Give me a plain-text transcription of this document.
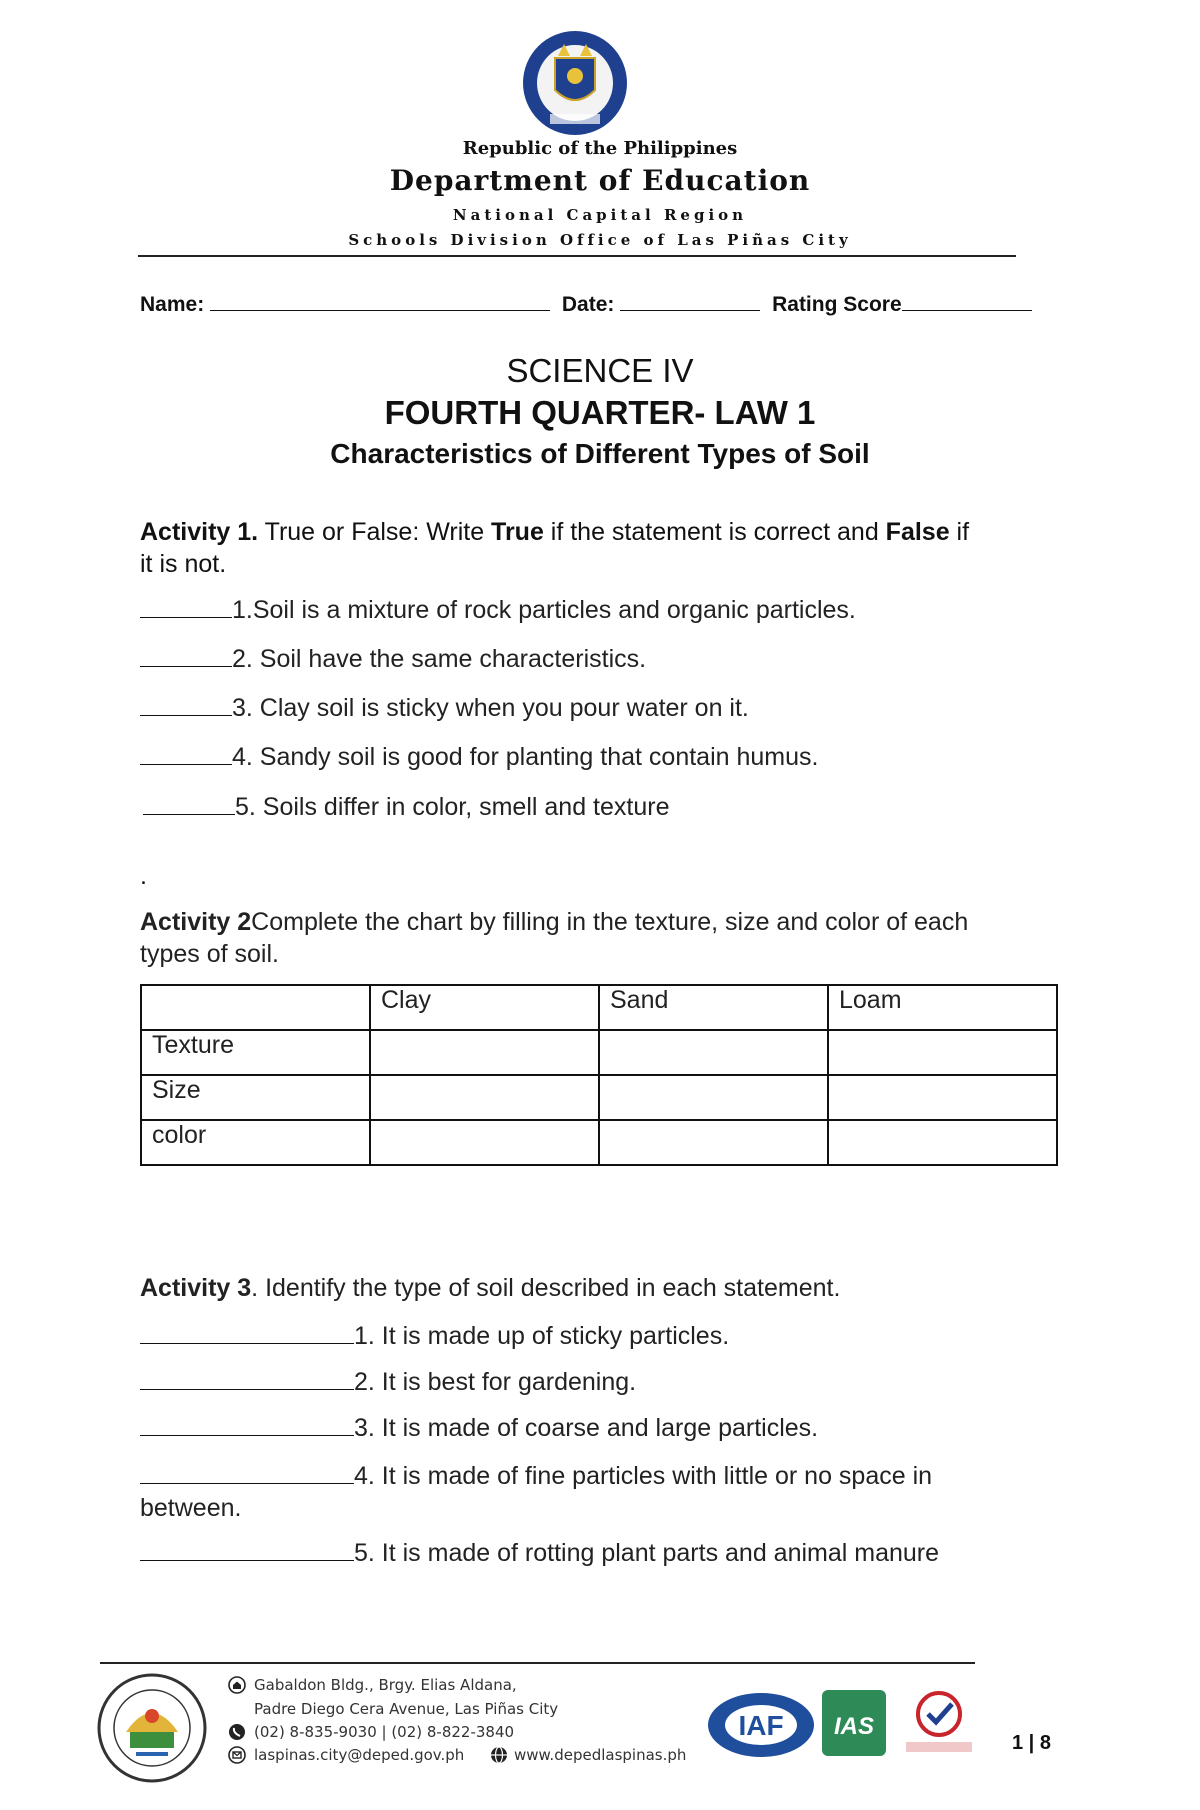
Republic of the Philippines
Department of Education
National Capital Region
Schools Division Office of Las Piñas City
Name:	Date:	Rating Score
SCIENCE IV
FOURTH QUARTER- LAW 1
Characteristics of Different Types of Soil
Activity 1. True or False: Write True if the statement is correct and False if
it is not.
1.Soil is a mixture of rock particles and organic particles.
2. Soil have the same characteristics.
3. Clay soil is sticky when you pour water on it.
4. Sandy soil is good for planting that contain humus.
5. Soils differ in color, smell and texture
.
Activity 2Complete the chart by filling in the texture, size and color of each
types of soil.
	Clay	Sand	Loam
Texture			
Size			
color			
Activity 3. Identify the type of soil described in each statement.
1. It is made up of sticky particles.
2. It is best for gardening.
3. It is made of coarse and large particles.
4. It is made of fine particles with little or no space in
between.
5. It is made of rotting plant parts and animal manure
Gabaldon Bldg., Brgy. Elias Aldana,
Padre Diego Cera Avenue, Las Piñas City
(02) 8-835-9030 | (02) 8-822-3840
laspinas.city@deped.gov.ph	www.depedlaspinas.ph
IAF IAS
1 | 8
